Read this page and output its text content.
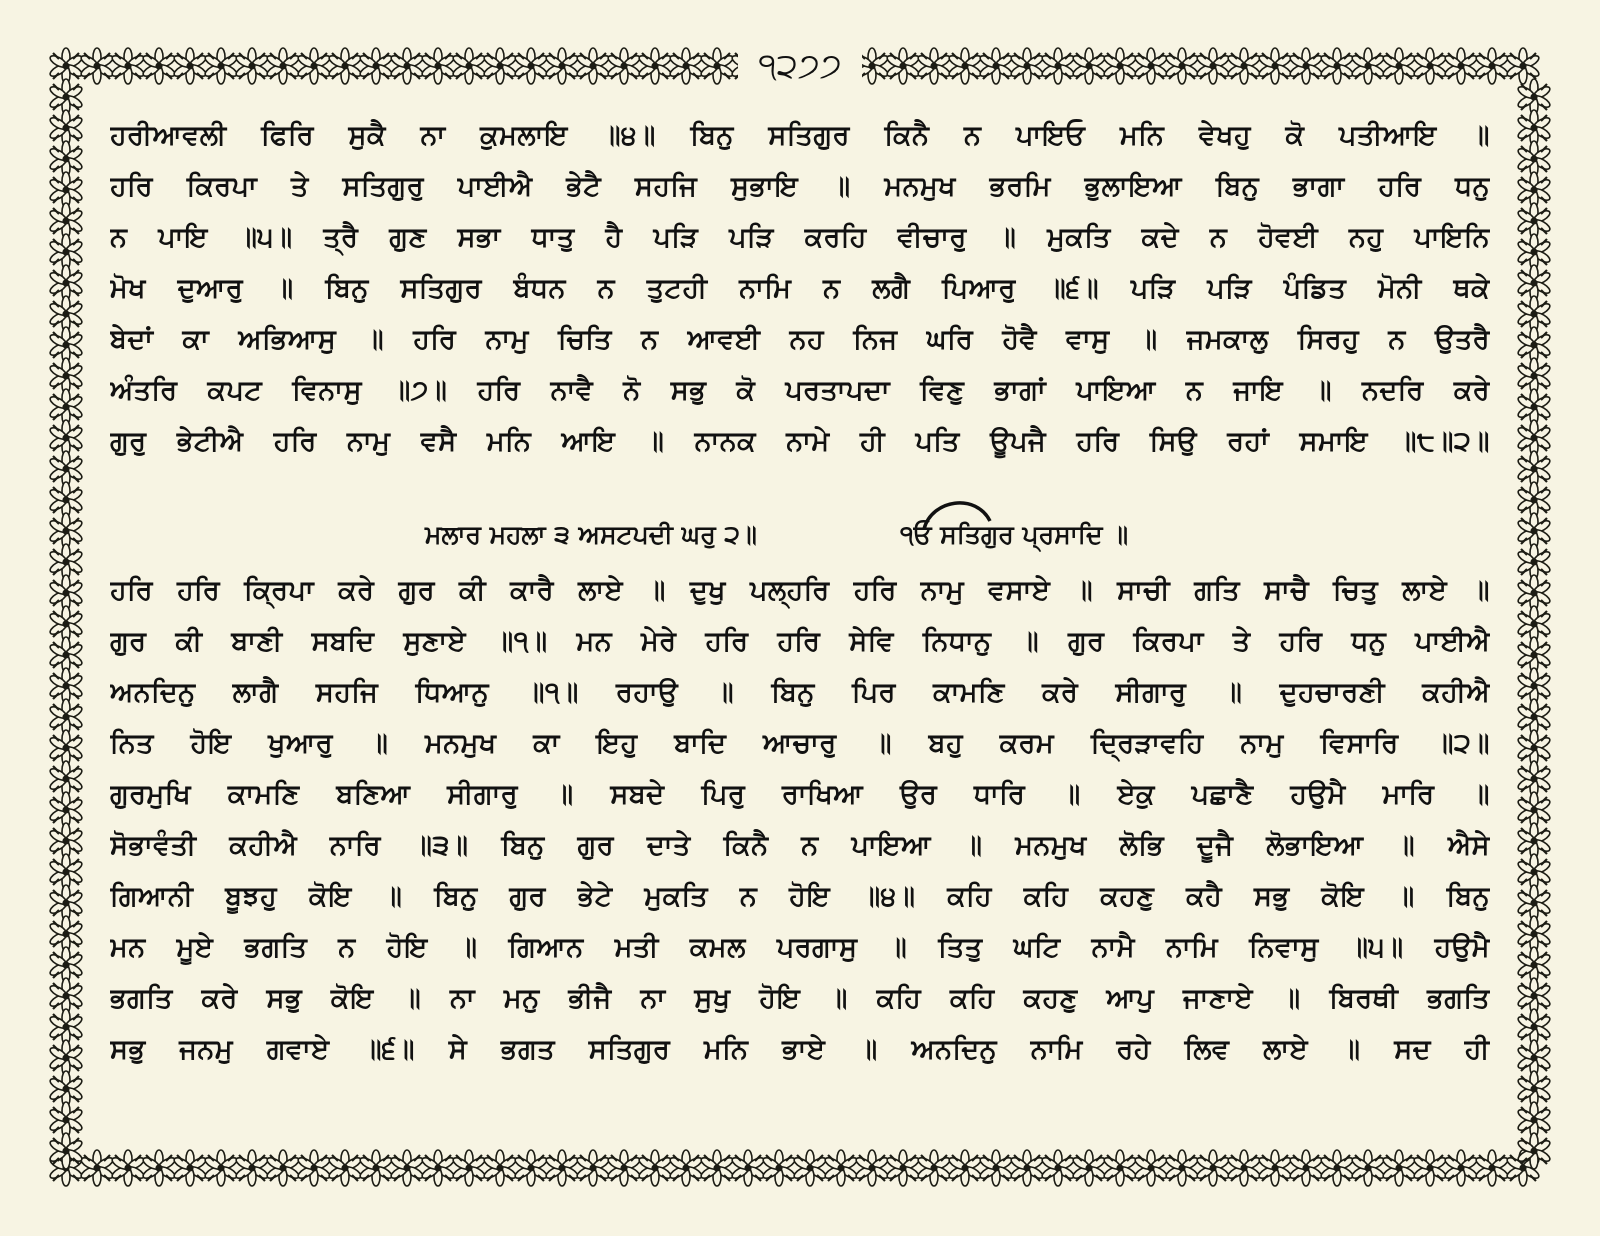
੧੨੭੭
ਹਰੀਆਵਲੀ ਫਿਰਿ ਸੁਕੈ ਨਾ ਕੁਮਲਾਇ ॥੪॥ ਬਿਨੁ ਸਤਿਗੁਰ ਕਿਨੈ ਨ ਪਾਇਓ ਮਨਿ ਵੇਖਹੁ ਕੋ ਪਤੀਆਇ ॥
ਹਰਿ ਕਿਰਪਾ ਤੇ ਸਤਿਗੁਰੁ ਪਾਈਐ ਭੇਟੈ ਸਹਜਿ ਸੁਭਾਇ ॥ ਮਨਮੁਖ ਭਰਮਿ ਭੁਲਾਇਆ ਬਿਨੁ ਭਾਗਾ ਹਰਿ ਧਨੁ
ਨ ਪਾਇ ॥੫॥ ਤ੍ਰੈ ਗੁਣ ਸਭਾ ਧਾਤੁ ਹੈ ਪੜਿ ਪੜਿ ਕਰਹਿ ਵੀਚਾਰੁ ॥ ਮੁਕਤਿ ਕਦੇ ਨ ਹੋਵਈ ਨਹੁ ਪਾਇਨਿ
ਮੋਖ ਦੁਆਰੁ ॥ ਬਿਨੁ ਸਤਿਗੁਰ ਬੰਧਨ ਨ ਤੁਟਹੀ ਨਾਮਿ ਨ ਲਗੈ ਪਿਆਰੁ ॥੬॥ ਪੜਿ ਪੜਿ ਪੰਡਿਤ ਮੋਨੀ ਥਕੇ
ਬੇਦਾਂ ਕਾ ਅਭਿਆਸੁ ॥ ਹਰਿ ਨਾਮੁ ਚਿਤਿ ਨ ਆਵਈ ਨਹ ਨਿਜ ਘਰਿ ਹੋਵੈ ਵਾਸੁ ॥ ਜਮਕਾਲੁ ਸਿਰਹੁ ਨ ਉਤਰੈ
ਅੰਤਰਿ ਕਪਟ ਵਿਨਾਸੁ ॥੭॥ ਹਰਿ ਨਾਵੈ ਨੋ ਸਭੁ ਕੋ ਪਰਤਾਪਦਾ ਵਿਣੁ ਭਾਗਾਂ ਪਾਇਆ ਨ ਜਾਇ ॥ ਨਦਰਿ ਕਰੇ
ਗੁਰੁ ਭੇਟੀਐ ਹਰਿ ਨਾਮੁ ਵਸੈ ਮਨਿ ਆਇ ॥ ਨਾਨਕ ਨਾਮੇ ਹੀ ਪਤਿ ਊਪਜੈ ਹਰਿ ਸਿਉ ਰਹਾਂ ਸਮਾਇ ॥੮॥੨॥
ਮਲਾਰ ਮਹਲਾ ੩ ਅਸਟਪਦੀ ਘਰੁ ੨॥	੧ਓ ਸਤਿਗੁਰ ਪ੍ਰਸਾਦਿ ॥
ਹਰਿ ਹਰਿ ਕ੍ਰਿਪਾ ਕਰੇ ਗੁਰ ਕੀ ਕਾਰੈ ਲਾਏ ॥ ਦੁਖੁ ਪਲ੍ਹਰਿ ਹਰਿ ਨਾਮੁ ਵਸਾਏ ॥ ਸਾਚੀ ਗਤਿ ਸਾਚੈ ਚਿਤੁ ਲਾਏ ॥
ਗੁਰ ਕੀ ਬਾਣੀ ਸਬਦਿ ਸੁਣਾਏ ॥੧॥ ਮਨ ਮੇਰੇ ਹਰਿ ਹਰਿ ਸੇਵਿ ਨਿਧਾਨੁ ॥ ਗੁਰ ਕਿਰਪਾ ਤੇ ਹਰਿ ਧਨੁ ਪਾਈਐ
ਅਨਦਿਨੁ ਲਾਗੈ ਸਹਜਿ ਧਿਆਨੁ ॥੧॥ ਰਹਾਉ ॥ ਬਿਨੁ ਪਿਰ ਕਾਮਣਿ ਕਰੇ ਸੀਗਾਰੁ ॥ ਦੁਹਚਾਰਣੀ ਕਹੀਐ
ਨਿਤ ਹੋਇ ਖੁਆਰੁ ॥ ਮਨਮੁਖ ਕਾ ਇਹੁ ਬਾਦਿ ਆਚਾਰੁ ॥ ਬਹੁ ਕਰਮ ਦ੍ਰਿੜਾਵਹਿ ਨਾਮੁ ਵਿਸਾਰਿ ॥੨॥
ਗੁਰਮੁਖਿ ਕਾਮਣਿ ਬਣਿਆ ਸੀਗਾਰੁ ॥ ਸਬਦੇ ਪਿਰੁ ਰਾਖਿਆ ਉਰ ਧਾਰਿ ॥ ਏਕੁ ਪਛਾਣੈ ਹਉਮੈ ਮਾਰਿ ॥
ਸੋਭਾਵੰਤੀ ਕਹੀਐ ਨਾਰਿ ॥੩॥ ਬਿਨੁ ਗੁਰ ਦਾਤੇ ਕਿਨੈ ਨ ਪਾਇਆ ॥ ਮਨਮੁਖ ਲੋਭਿ ਦੂਜੈ ਲੋਭਾਇਆ ॥ ਐਸੇ
ਗਿਆਨੀ ਬੂਝਹੁ ਕੋਇ ॥ ਬਿਨੁ ਗੁਰ ਭੇਟੇ ਮੁਕਤਿ ਨ ਹੋਇ ॥੪॥ ਕਹਿ ਕਹਿ ਕਹਣੁ ਕਹੈ ਸਭੁ ਕੋਇ ॥ ਬਿਨੁ
ਮਨ ਮੂਏ ਭਗਤਿ ਨ ਹੋਇ ॥ ਗਿਆਨ ਮਤੀ ਕਮਲ ਪਰਗਾਸੁ ॥ ਤਿਤੁ ਘਟਿ ਨਾਮੈ ਨਾਮਿ ਨਿਵਾਸੁ ॥੫॥ ਹਉਮੈ
ਭਗਤਿ ਕਰੇ ਸਭੁ ਕੋਇ ॥ ਨਾ ਮਨੁ ਭੀਜੈ ਨਾ ਸੁਖੁ ਹੋਇ ॥ ਕਹਿ ਕਹਿ ਕਹਣੁ ਆਪੁ ਜਾਣਾਏ ॥ ਬਿਰਥੀ ਭਗਤਿ
ਸਭੁ ਜਨਮੁ ਗਵਾਏ ॥੬॥ ਸੇ ਭਗਤ ਸਤਿਗੁਰ ਮਨਿ ਭਾਏ ॥ ਅਨਦਿਨੁ ਨਾਮਿ ਰਹੇ ਲਿਵ ਲਾਏ ॥ ਸਦ ਹੀ
